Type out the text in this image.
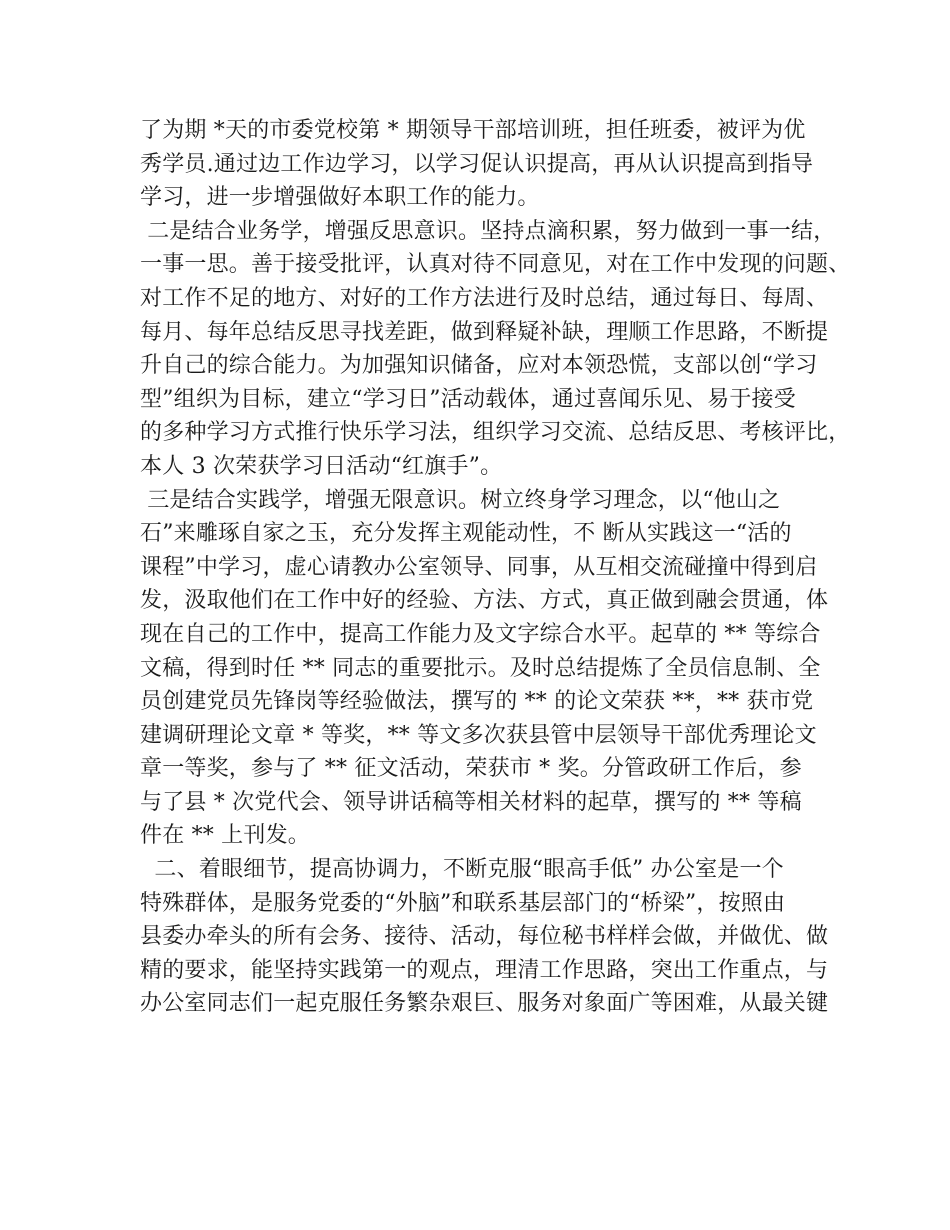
了为期 *天的市委党校第 * 期领导干部培训班，担任班委，被评为优
秀学员.通过边工作边学习，以学习促认识提高，再从认识提高到指导
学习，进一步增强做好本职工作的能力。
二是结合业务学，增强反思意识。坚持点滴积累，努力做到一事一结，
一事一思。善于接受批评，认真对待不同意见，对在工作中发现的问题、
对工作不足的地方、对好的工作方法进行及时总结，通过每日、每周、
每月、每年总结反思寻找差距，做到释疑补缺，理顺工作思路，不断提
升自己的综合能力。为加强知识储备，应对本领恐慌，支部以创“学习
型”组织为目标，建立“学习日”活动载体，通过喜闻乐见、易于接受
的多种学习方式推行快乐学习法，组织学习交流、总结反思、考核评比，
本人 3 次荣获学习日活动“红旗手”。
三是结合实践学，增强无限意识。树立终身学习理念，以“他山之
石”来雕琢自家之玉，充分发挥主观能动性，不 断从实践这一“活的
课程”中学习，虚心请教办公室领导、同事，从互相交流碰撞中得到启
发，汲取他们在工作中好的经验、方法、方式，真正做到融会贯通，体
现在自己的工作中，提高工作能力及文字综合水平。起草的 ** 等综合
文稿，得到时任 ** 同志的重要批示。及时总结提炼了全员信息制、全
员创建党员先锋岗等经验做法，撰写的 ** 的论文荣获 **，** 获市党
建调研理论文章 * 等奖，** 等文多次获县管中层领导干部优秀理论文
章一等奖，参与了 ** 征文活动，荣获市 * 奖。分管政研工作后，参
与了县 * 次党代会、领导讲话稿等相关材料的起草，撰写的 ** 等稿
件在 ** 上刊发。
二、着眼细节，提高协调力，不断克服“眼高手低” 办公室是一个
特殊群体，是服务党委的“外脑”和联系基层部门的“桥梁”，按照由
县委办牵头的所有会务、接待、活动，每位秘书样样会做，并做优、做
精的要求，能坚持实践第一的观点，理清工作思路，突出工作重点，与
办公室同志们一起克服任务繁杂艰巨、服务对象面广等困难，从最关键
